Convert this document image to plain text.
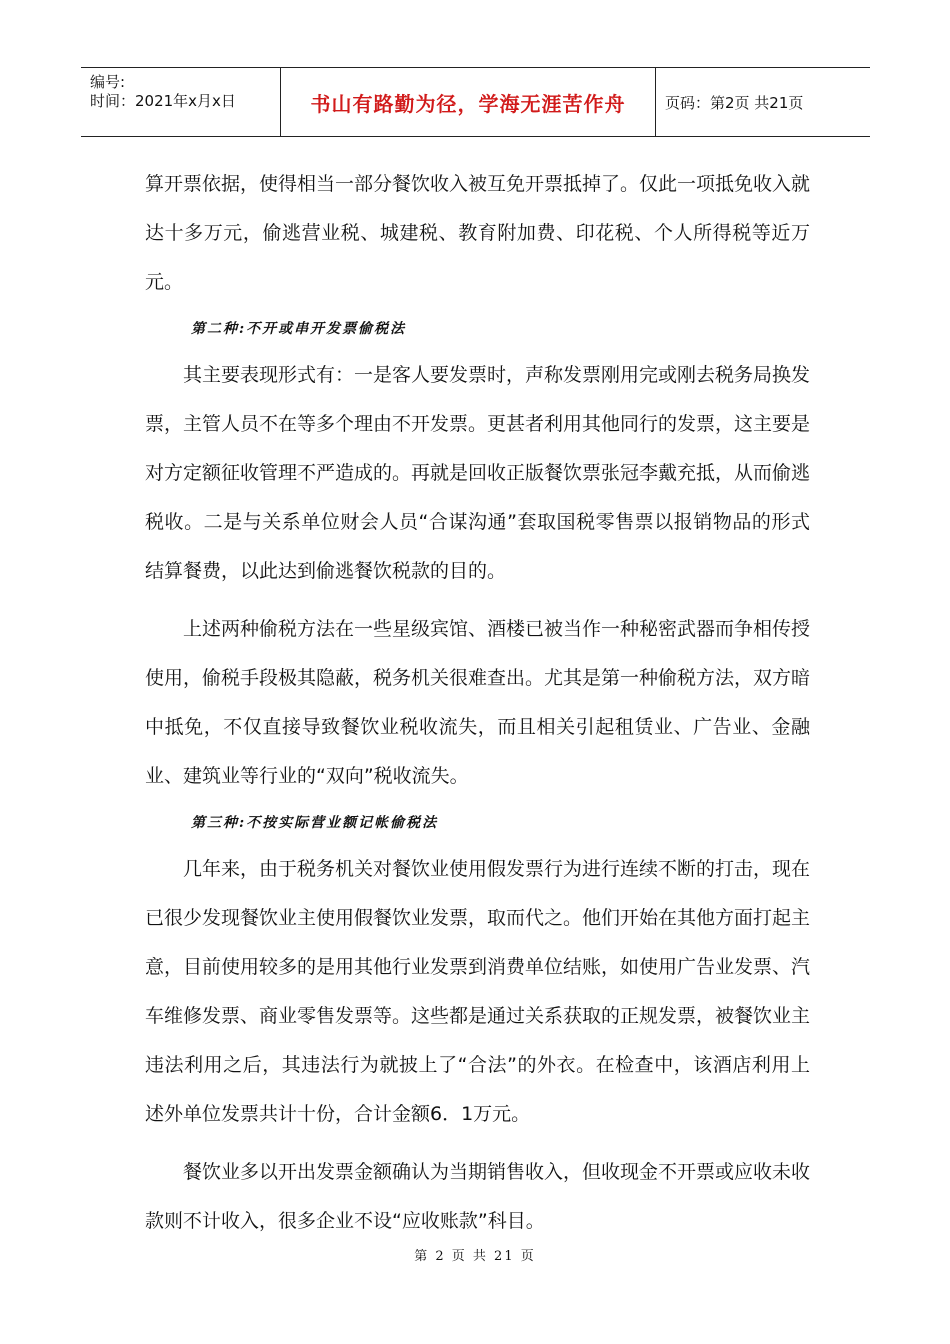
编号:
时间：2021年x月x日	书山有路勤为径，学海无涯苦作舟	页码：第2页 共21页

算开票依据，使得相当一部分餐饮收入被互免开票抵掉了。仅此一项抵免收入就达十多万元，偷逃营业税、城建税、教育附加费、印花税、个人所得税等近万元。

第二种:不开或串开发票偷税法

其主要表现形式有：一是客人要发票时，声称发票刚用完或刚去税务局换发票，主管人员不在等多个理由不开发票。更甚者利用其他同行的发票，这主要是对方定额征收管理不严造成的。再就是回收正版餐饮票张冠李戴充抵，从而偷逃税收。二是与关系单位财会人员“合谋沟通”套取国税零售票以报销物品的形式结算餐费，以此达到偷逃餐饮税款的目的。

上述两种偷税方法在一些星级宾馆、酒楼已被当作一种秘密武器而争相传授使用，偷税手段极其隐蔽，税务机关很难查出。尤其是第一种偷税方法，双方暗中抵免，不仅直接导致餐饮业税收流失，而且相关引起租赁业、广告业、金融业、建筑业等行业的“双向”税收流失。

第三种:不按实际营业额记帐偷税法

几年来，由于税务机关对餐饮业使用假发票行为进行连续不断的打击，现在已很少发现餐饮业主使用假餐饮业发票，取而代之。他们开始在其他方面打起主意，目前使用较多的是用其他行业发票到消费单位结账，如使用广告业发票、汽车维修发票、商业零售发票等。这些都是通过关系获取的正规发票，被餐饮业主违法利用之后，其违法行为就披上了“合法”的外衣。在检查中，该酒店利用上述外单位发票共计十份，合计金额6．1万元。

餐饮业多以开出发票金额确认为当期销售收入，但收现金不开票或应收未收款则不计收入，很多企业不设“应收账款”科目。

第 2 页 共 21 页
